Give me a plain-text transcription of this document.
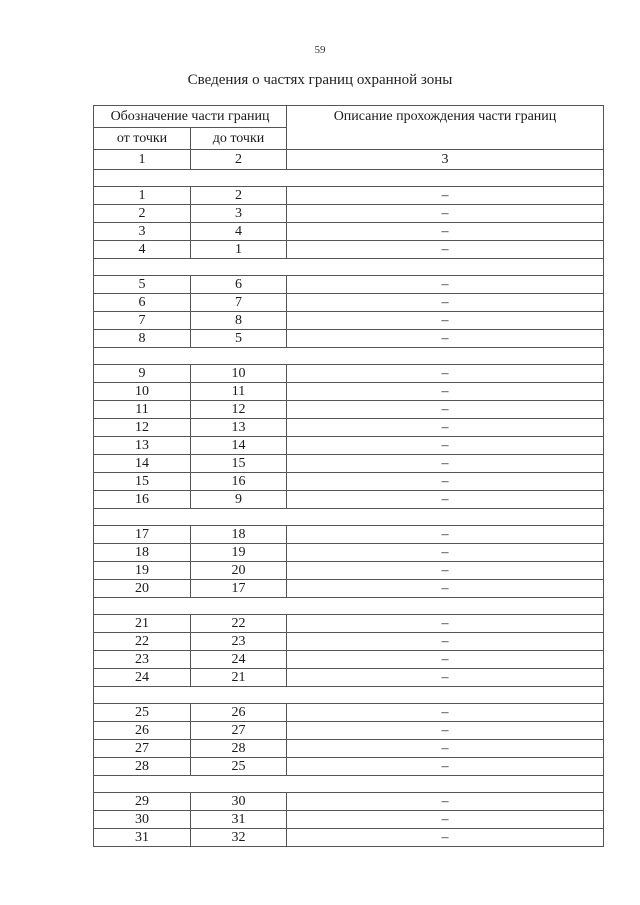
59
Сведения о частях границ охранной зоны
Обозначение части границ		Описание прохождения части границ
от точки	до точки	
1	2	3

1	2	–
2	3	–
3	4	–
4	1	–

5	6	–
6	7	–
7	8	–
8	5	–

9	10	–
10	11	–
11	12	–
12	13	–
13	14	–
14	15	–
15	16	–
16	9	–

17	18	–
18	19	–
19	20	–
20	17	–

21	22	–
22	23	–
23	24	–
24	21	–

25	26	–
26	27	–
27	28	–
28	25	–

29	30	–
30	31	–
31	32	–
